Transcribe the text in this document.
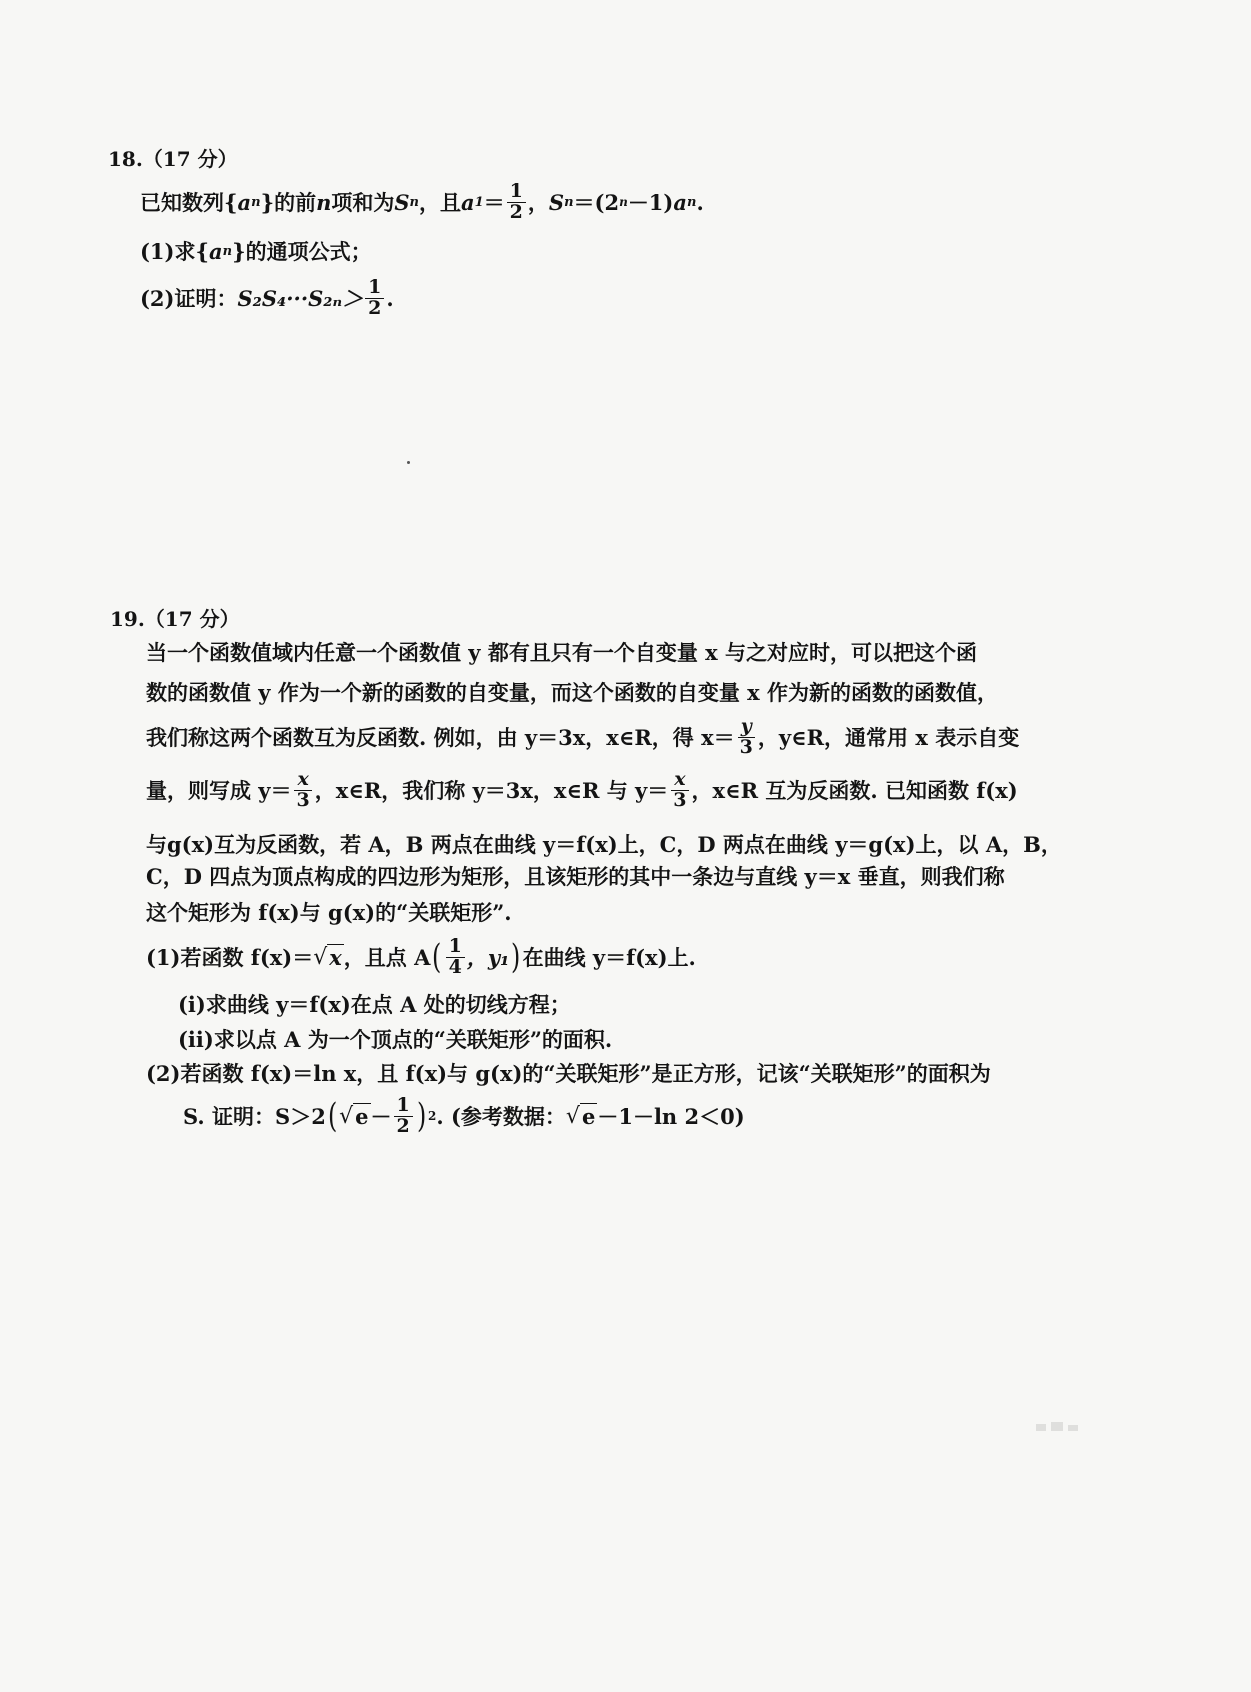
18.（17 分）
已知数列{ a n }的前 n 项和为 S n ，且 a $1 = \frac{1}{2}$ ， S n ＝(2 n －1) a n .
(1)求{ a n }的通项公式；
(2)证明： $S_2S_4\cdot\cdot\cdot S_{2n}> \frac{1}{2}$ .
19.（17 分）
当一个函数值域内任意一个函数值 y 都有且只有一个自变量 x 与之对应时，可以把这个函
数的函数值 y 作为一个新的函数的自变量，而这个函数的自变量 x 作为新的函数的函数值，
我们称这两个函数互为反函数. 例如，由 y＝3x，x∈R，得 $x= \frac{y}{3}$ ，y∈R，通常用 x 表示自变
量，则写成 $y= \frac{x}{3}$ ，x∈R，我们称 y＝3x，x∈R 与 $y= \frac{x}{3}$ ，x∈R 互为反函数. 已知函数 f(x)
与g(x)互为反函数，若 A，B 两点在曲线 y＝f(x)上，C，D 两点在曲线 y＝g(x)上，以 A，B，
C，D 四点为顶点构成的四边形为矩形，且该矩形的其中一条边与直线 y＝x 垂直，则我们称
这个矩形为 f(x)与 g(x)的“关联矩形”.
(1)若函数 f(x)＝ √ x ，且点 A ( $\frac{1}{4}$ ，y₁ ) 在曲线 y＝f(x)上.
(ⅰ)求曲线 y＝f(x)在点 A 处的切线方程；
(ⅱ)求以点 A 为一个顶点的“关联矩形”的面积.
(2)若函数 f(x)＝ln x，且 f(x)与 g(x)的“关联矩形”是正方形，记该“关联矩形”的面积为
S. 证明：S＞2 ( √ $e - \frac{1}{2}$ ) 2 . (参考数据： √ e －1－ln 2＜0)
